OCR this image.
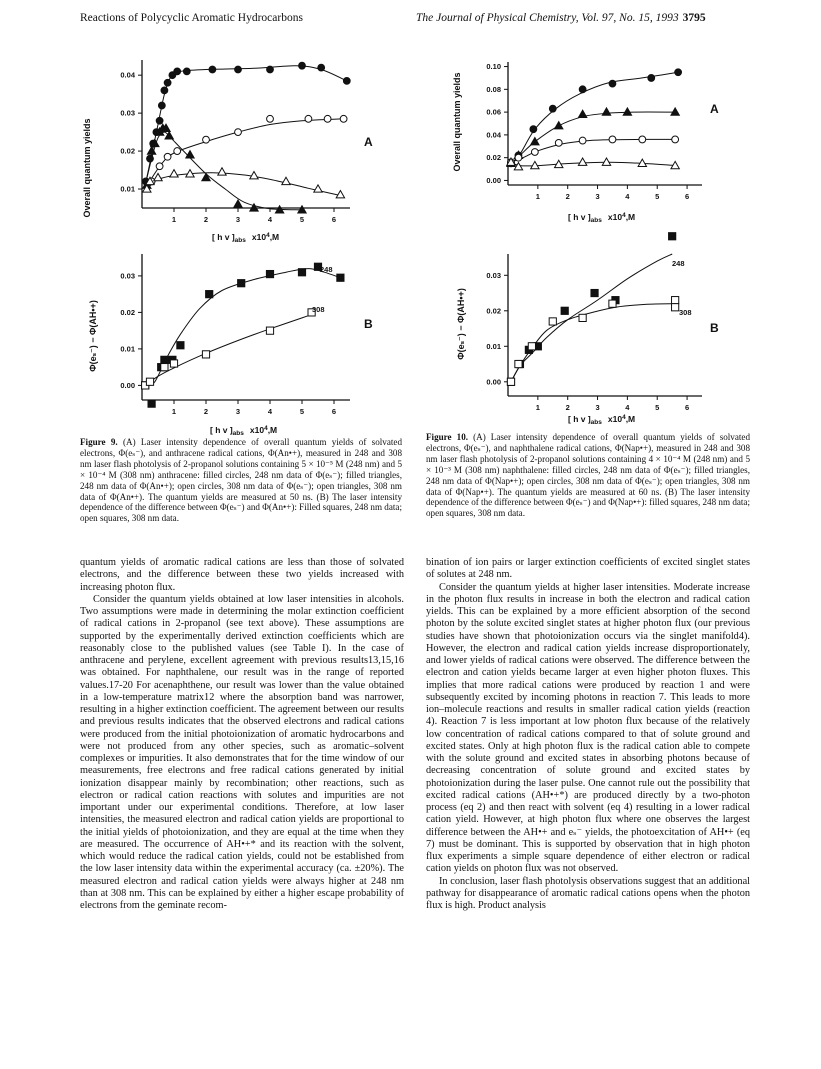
Reactions of Polycyclic Aromatic Hydrocarbons	The Journal of Physical Chemistry, Vol. 97, No. 15, 1993 3795
1	2	3	4	5	6
0.01
0.02
0.03
0.04
Overall quantum yields	A
[ h v ]$_{abs}$ $x10^4,M$
1	2	3	4	5	6
0.00
0.01
0.02
0.03
Φ(eₛ⁻) − Φ(AH•+)	B
248
308
[ h v ]$_{abs}$ $x10^4,M$
1	2	3	4	5	6
0.00
0.02
0.04
0.06
0.08
0.10
Overall quantum yields	A
[ h v ]$_{abs}$ $x10^4,M$
1	2	3	4	5	6
0.00
0.01
0.02
0.03
Φ(eₛ⁻) − Φ(AH•+)	B
248
308
[ h v ]$_{abs}$ $x10^4,M$
Figure 9. (A) Laser intensity dependence of overall quantum yields of solvated electrons, Φ(eₛ⁻), and anthracene radical cations, Φ(An•+), measured in 248 and 308 nm laser flash photolysis of 2-propanol solutions containing 5 × 10⁻⁵ M (248 nm) and 5 × 10⁻⁴ M (308 nm) anthracene: filled circles, 248 nm data of Φ(eₛ⁻); filled triangles, 248 nm data of Φ(An•+); open circles, 308 nm data of Φ(eₛ⁻); open triangles, 308 nm data of Φ(An•+). The quantum yields are measured at 50 ns. (B) The laser intensity dependence of the difference between Φ(eₛ⁻) and Φ(An•+): Filled squares, 248 nm data; open squares, 308 nm data.
Figure 10. (A) Laser intensity dependence of overall quantum yields of solvated electrons, Φ(eₛ⁻), and naphthalene radical cations, Φ(Nap•+), measured in 248 and 308 nm laser flash photolysis of 2-propanol solutions containing 4 × 10⁻⁴ M (248 nm) and 5 × 10⁻³ M (308 nm) naphthalene: filled circles, 248 nm data of Φ(eₛ⁻); filled triangles, 248 nm data of Φ(Nap•+); open circles, 308 nm data of Φ(eₛ⁻); open triangles, 308 nm data of Φ(Nap•+). The quantum yields are measured at 60 ns. (B) The laser intensity dependence of the difference between Φ(eₛ⁻) and Φ(Nap•+): filled squares, 248 nm data; open squares, 308 nm data.

quantum yields of aromatic radical cations are less than those of solvated electrons, and the difference between these two yields increased with increasing photon flux.

Consider the quantum yields obtained at low laser intensities in alcohols. Two assumptions were made in determining the molar extinction coefficient of radical cations in 2-propanol (see text above). These assumptions are supported by the experimentally derived extinction coefficients which are reasonably close to the published values (see Table I). In the case of anthracene and perylene, excellent agreement with previous results13,15,16 was obtained. For naphthalene, our result was in the range of reported values.17-20 For acenaphthene, our result was lower than the value obtained in a low-temperature matrix12 where the absorption band was narrower, resulting in a higher extinction coefficient. The agreement between our results and previous results indicates that the observed electrons and radical cations were produced from the initial photoionization of aromatic hydrocarbons and were not produced from any other species, such as aromatic–solvent complexes or impurities. It also demonstrates that for the time window of our measurements, free electrons and free radical cations generated by initial ionization disappear mainly by recombination; other reactions, such as electron or radical cation reactions with solutes and impurities are not important under our experimental conditions. Therefore, at low laser intensities, the measured electron and radical cation yields are proportional to the initial yields of photoionization, and they are equal at the time when they are measured. The occurrence of AH•+* and its reaction with the solvent, which would reduce the radical cation yields, could not be established from the low laser intensity data within the experimental accuracy (ca. ±20%). The measured electron and radical cation yields were always higher at 248 nm than at 308 nm. This can be explained by either a higher escape probability of electrons from the geminate recom-

bination of ion pairs or larger extinction coefficients of excited singlet states of solutes at 248 nm.

Consider the quantum yields at higher laser intensities. Moderate increase in the photon flux results in increase in both the electron and radical cation yields. This can be explained by a more efficient absorption of the second photon by the solute excited singlet states at higher photon flux (our previous studies have shown that photoionization occurs via the singlet manifold4). However, the electron and radical cation yields increase disproportionately, and lower yields of radical cations were observed. The difference between the electron and cation yields became larger at even higher photon fluxes. This implies that more radical cations were produced by reaction 1 and were subsequently excited by incoming photons in reaction 7. This leads to more ion–molecule reactions and results in smaller radical cation yields (reaction 4). Reaction 7 is less important at low photon flux because of the relatively low concentration of radical cations compared to that of solute ground and excited states. Only at high photon flux is the radical cation able to compete with the solute ground and excited states in absorbing photons because of decreasing concentration of solute ground and excited states by photoionization during the laser pulse. One cannot rule out the possibility that excited radical cations (AH•+*) are produced directly by a two-photon process (eq 2) and then react with solvent (eq 4) resulting in a lower radical cation yield. However, at high photon flux where one observes the largest difference between the AH•+ and eₛ⁻ yields, the photoexcitation of AH•+ (eq 7) must be dominant. This is supported by observation that in high photon flux experiments a simple square dependence of either electron or radical cation yields on photon flux was not observed.

In conclusion, laser flash photolysis observations suggest that an additional pathway for disappearance of aromatic radical cations opens when the photon flux is high. Product analysis
